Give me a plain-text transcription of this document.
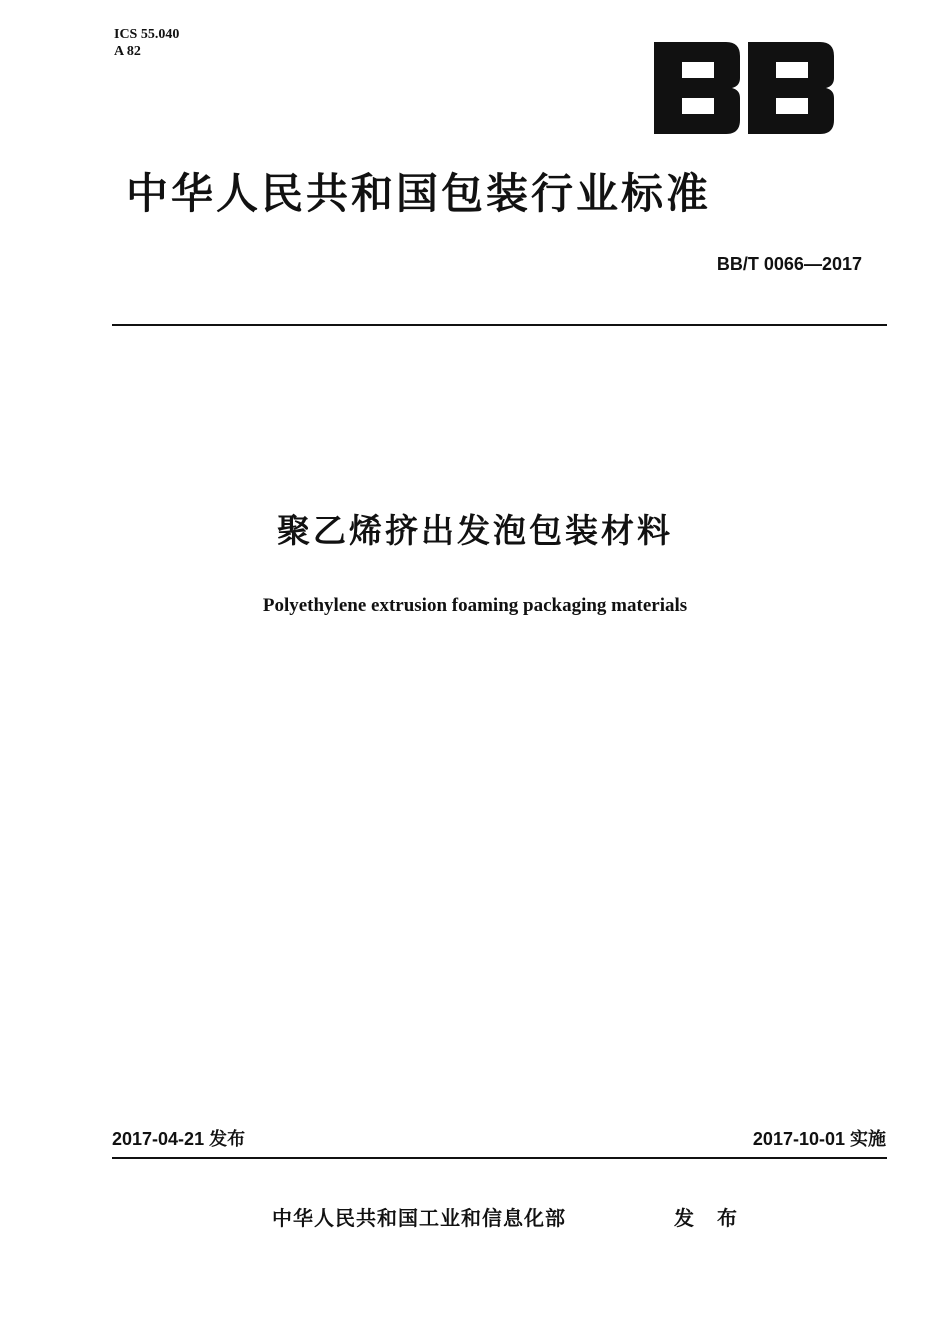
ICS 55.040
A 82
中华人民共和国包装行业标准
BB/T 0066—2017
聚乙烯挤出发泡包装材料
Polyethylene extrusion foaming packaging materials
2017-04-21 发布	2017-10-01 实施
中华人民共和国工业和信息化部	发 布
